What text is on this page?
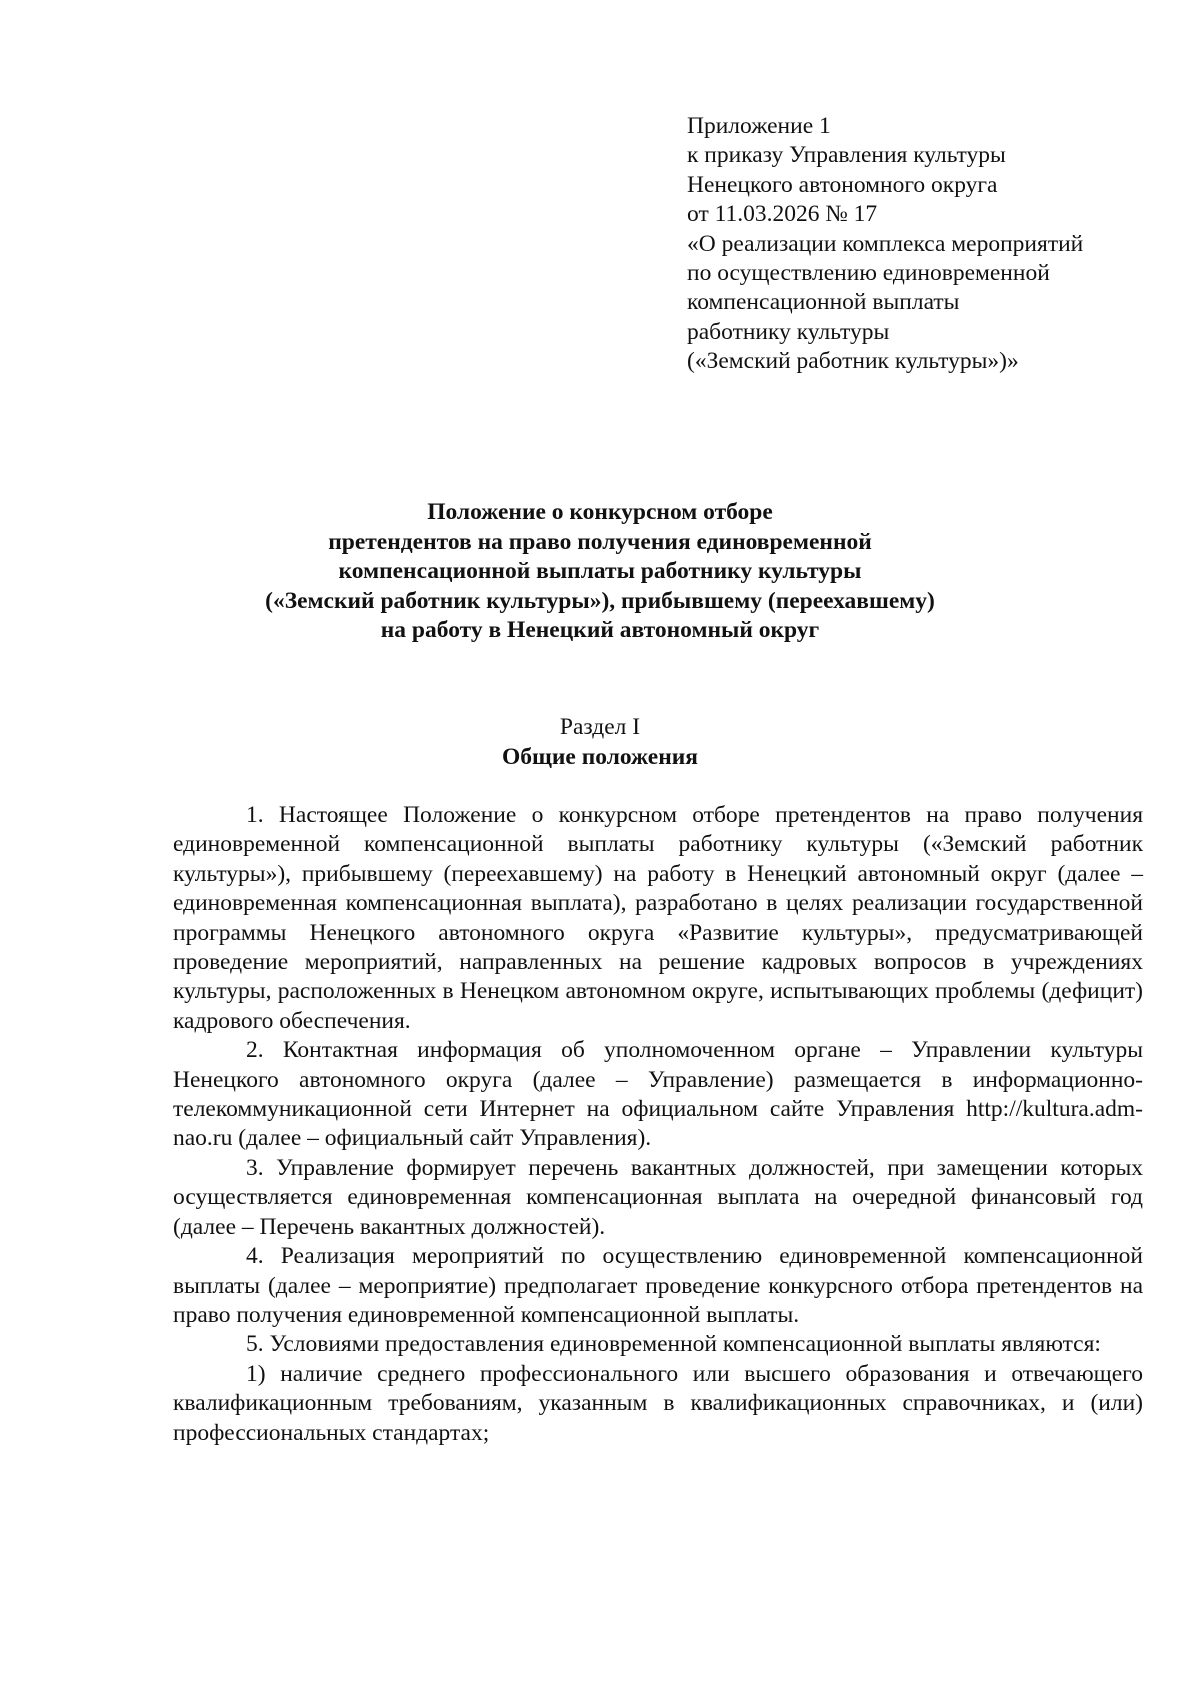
Приложение 1
к приказу Управления культуры
Ненецкого автономного округа
от 11.03.2026 № 17
«О реализации комплекса мероприятий
по осуществлению единовременной
компенсационной выплаты
работнику культуры
(«Земский работник культуры»)»
Положение о конкурсном отборе
претендентов на право получения единовременной
компенсационной выплаты работнику культуры
(«Земский работник культуры»), прибывшему (переехавшему)
на работу в Ненецкий автономный округ
Раздел I
Общие положения

1. Настоящее Положение о конкурсном отборе претендентов на право получения единовременной компенсационной выплаты работнику культуры («Земский работник культуры»), прибывшему (переехавшему) на работу в Ненецкий автономный округ (далее – единовременная компенсационная выплата), разработано в целях реализации государственной программы Ненецкого автономного округа «Развитие культуры», предусматривающей проведение мероприятий, направленных на решение кадровых вопросов в учреждениях культуры, расположенных в Ненецком автономном округе, испытывающих проблемы (дефицит) кадрового обеспечения.

2. Контактная информация об уполномоченном органе – Управлении культуры Ненецкого автономного округа (далее – Управление) размещается в информационно-телекоммуникационной сети Интернет на официальном сайте Управления http://kultura.adm-nao.ru (далее – официальный сайт Управления).

3. Управление формирует перечень вакантных должностей, при замещении которых осуществляется единовременная компенсационная выплата на очередной финансовый год (далее – Перечень вакантных должностей).

4. Реализация мероприятий по осуществлению единовременной компенсационной выплаты (далее – мероприятие) предполагает проведение конкурсного отбора претендентов на право получения единовременной компенсационной выплаты.

5. Условиями предоставления единовременной компенсационной выплаты являются:

1) наличие среднего профессионального или высшего образования и отвечающего квалификационным требованиям, указанным в квалификационных справочниках, и (или) профессиональных стандартах;
